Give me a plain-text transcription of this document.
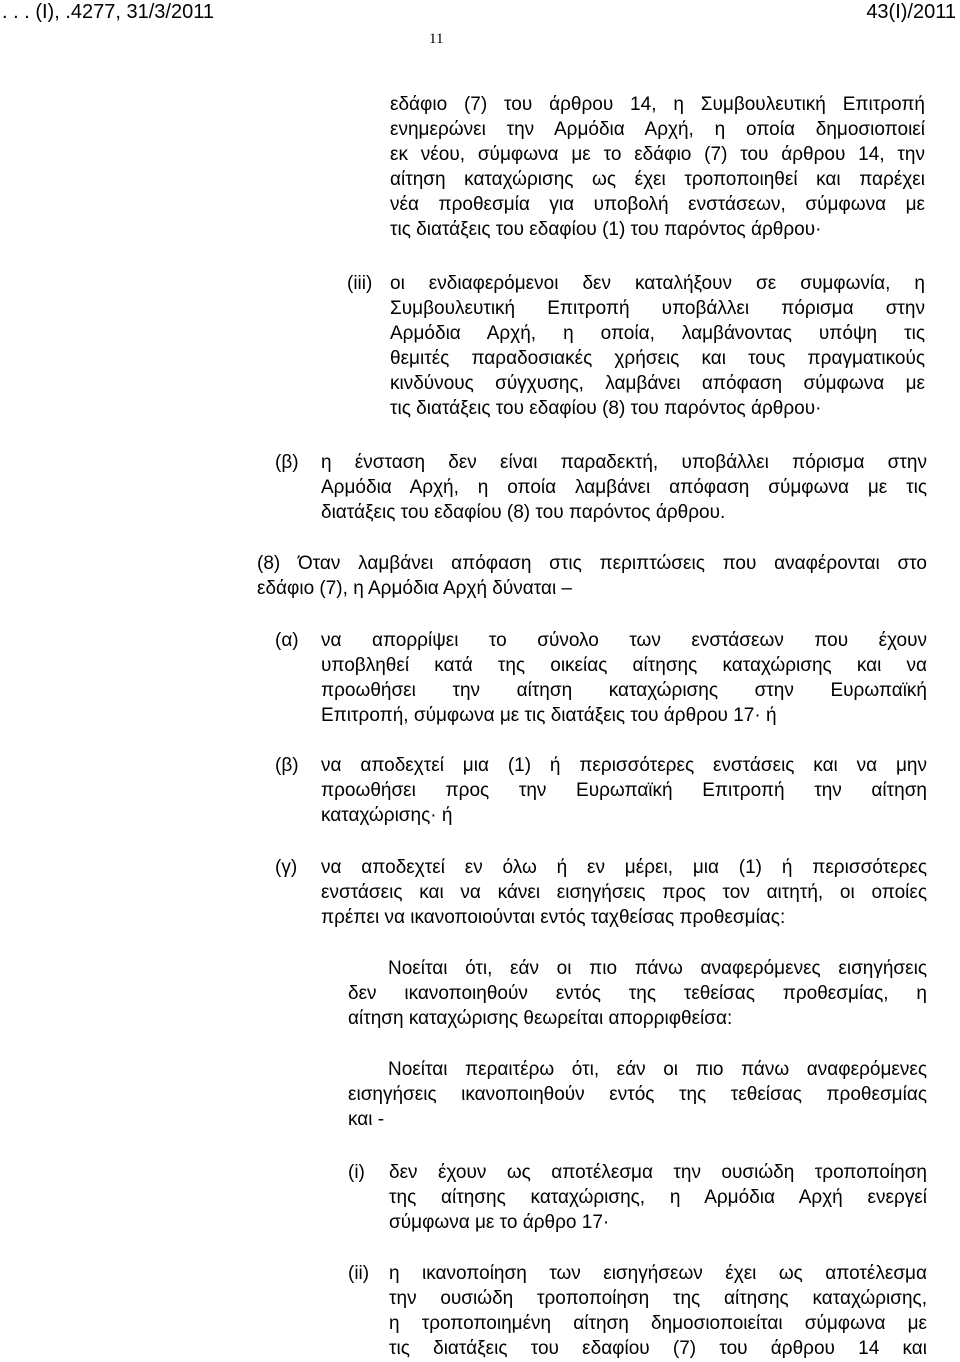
. . . (Ι), .4277, 31/3/2011	43(Ι)/2011
11
εδάφιο (7) του άρθρου 14, η Συμβουλευτική Επιτροπή
ενημερώνει την Αρμόδια Αρχή, η οποία δημοσιοποιεί
εκ νέου, σύμφωνα με το εδάφιο (7) του άρθρου 14, την
αίτηση καταχώρισης ως έχει τροποποιηθεί και παρέχει
νέα προθεσμία για υποβολή ενστάσεων, σύμφωνα με
τις διατάξεις του εδαφίου (1) του παρόντος άρθρου·
(iii) οι ενδιαφερόμενοι δεν καταλήξουν σε συμφωνία, η
Συμβουλευτική Επιτροπή υποβάλλει πόρισμα στην
Αρμόδια Αρχή, η οποία, λαμβάνοντας υπόψη τις
θεμιτές παραδοσιακές χρήσεις και τους πραγματικούς
κινδύνους σύγχυσης, λαμβάνει απόφαση σύμφωνα με
τις διατάξεις του εδαφίου (8) του παρόντος άρθρου·
(β) η ένσταση δεν είναι παραδεκτή, υποβάλλει πόρισμα στην
Αρμόδια Αρχή, η οποία λαμβάνει απόφαση σύμφωνα με τις
διατάξεις του εδαφίου (8) του παρόντος άρθρου.
(8) Όταν λαμβάνει απόφαση στις περιπτώσεις που αναφέρονται στο
εδάφιο (7), η Αρμόδια Αρχή δύναται –
(α) να απορρίψει το σύνολο των ενστάσεων που έχουν
υποβληθεί κατά της οικείας αίτησης καταχώρισης και να
προωθήσει την αίτηση καταχώρισης στην Ευρωπαϊκή
Επιτροπή, σύμφωνα με τις διατάξεις του άρθρου 17· ή
(β) να αποδεχτεί μια (1) ή περισσότερες ενστάσεις και να μην
προωθήσει προς την Ευρωπαϊκή Επιτροπή την αίτηση
καταχώρισης· ή
(γ) να αποδεχτεί εν όλω ή εν μέρει, μια (1) ή περισσότερες
ενστάσεις και να κάνει εισηγήσεις προς τον αιτητή, οι οποίες
πρέπει να ικανοποιούνται εντός ταχθείσας προθεσμίας:
Νοείται ότι, εάν οι πιο πάνω αναφερόμενες εισηγήσεις
δεν ικανοποιηθούν εντός της τεθείσας προθεσμίας, η
αίτηση καταχώρισης θεωρείται απορριφθείσα:
Νοείται περαιτέρω ότι, εάν οι πιο πάνω αναφερόμενες
εισηγήσεις ικανοποιηθούν εντός της τεθείσας προθεσμίας
και -
(i) δεν έχουν ως αποτέλεσμα την ουσιώδη τροποποίηση
της αίτησης καταχώρισης, η Αρμόδια Αρχή ενεργεί
σύμφωνα με το άρθρο 17·
(ii) η ικανοποίηση των εισηγήσεων έχει ως αποτέλεσμα
την ουσιώδη τροποποίηση της αίτησης καταχώρισης,
η τροποποιημένη αίτηση δημοσιοποιείται σύμφωνα με
τις διατάξεις του εδαφίου (7) του άρθρου 14 και
